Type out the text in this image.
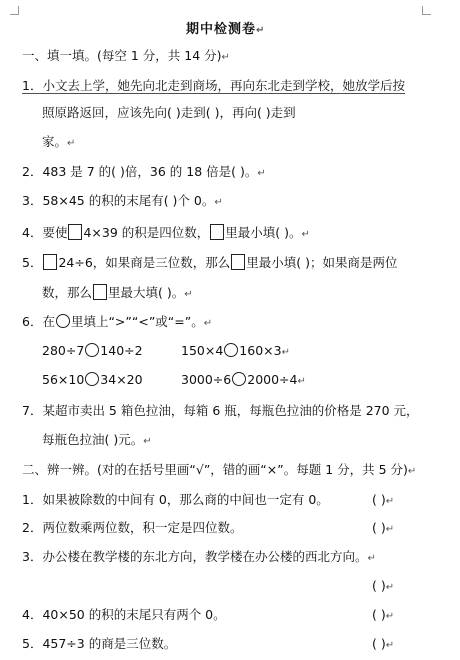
期中检测卷↵
一、填一填。(每空 1 分，共 14 分)↵
1．小文去上学，她先向北走到商场，再向东北走到学校，她放学后按
照原路返回，应该先向( )走到( )，再向( )走到
家。↵
2．483 是 7 的( )倍，36 的 18 倍是( )。↵
3．58×45 的积的末尾有( )个 0。↵
4．要使 4×39 的积是四位数， 里最小填( )。↵
5． 24÷6，如果商是三位数，那么 里最小填( )；如果商是两位
数，那么 里最大填( )。↵
6．在 里填上“>”“<”或“=”。↵
280÷7 140÷2	150×4 160×3↵
56×10 34×20	3000÷6 2000÷4↵
7．某超市卖出 5 箱色拉油，每箱 6 瓶，每瓶色拉油的价格是 270 元，
每瓶色拉油( )元。↵
二、辨一辨。(对的在括号里画“√”，错的画“×”。每题 1 分，共 5 分)↵
1．如果被除数的中间有 0，那么商的中间也一定有 0。	( )↵
2．两位数乘两位数，积一定是四位数。	( )↵
3．办公楼在教学楼的东北方向，教学楼在办公楼的西北方向。↵
( )↵
4．40×50 的积的末尾只有两个 0。	( )↵
5．457÷3 的商是三位数。	( )↵
